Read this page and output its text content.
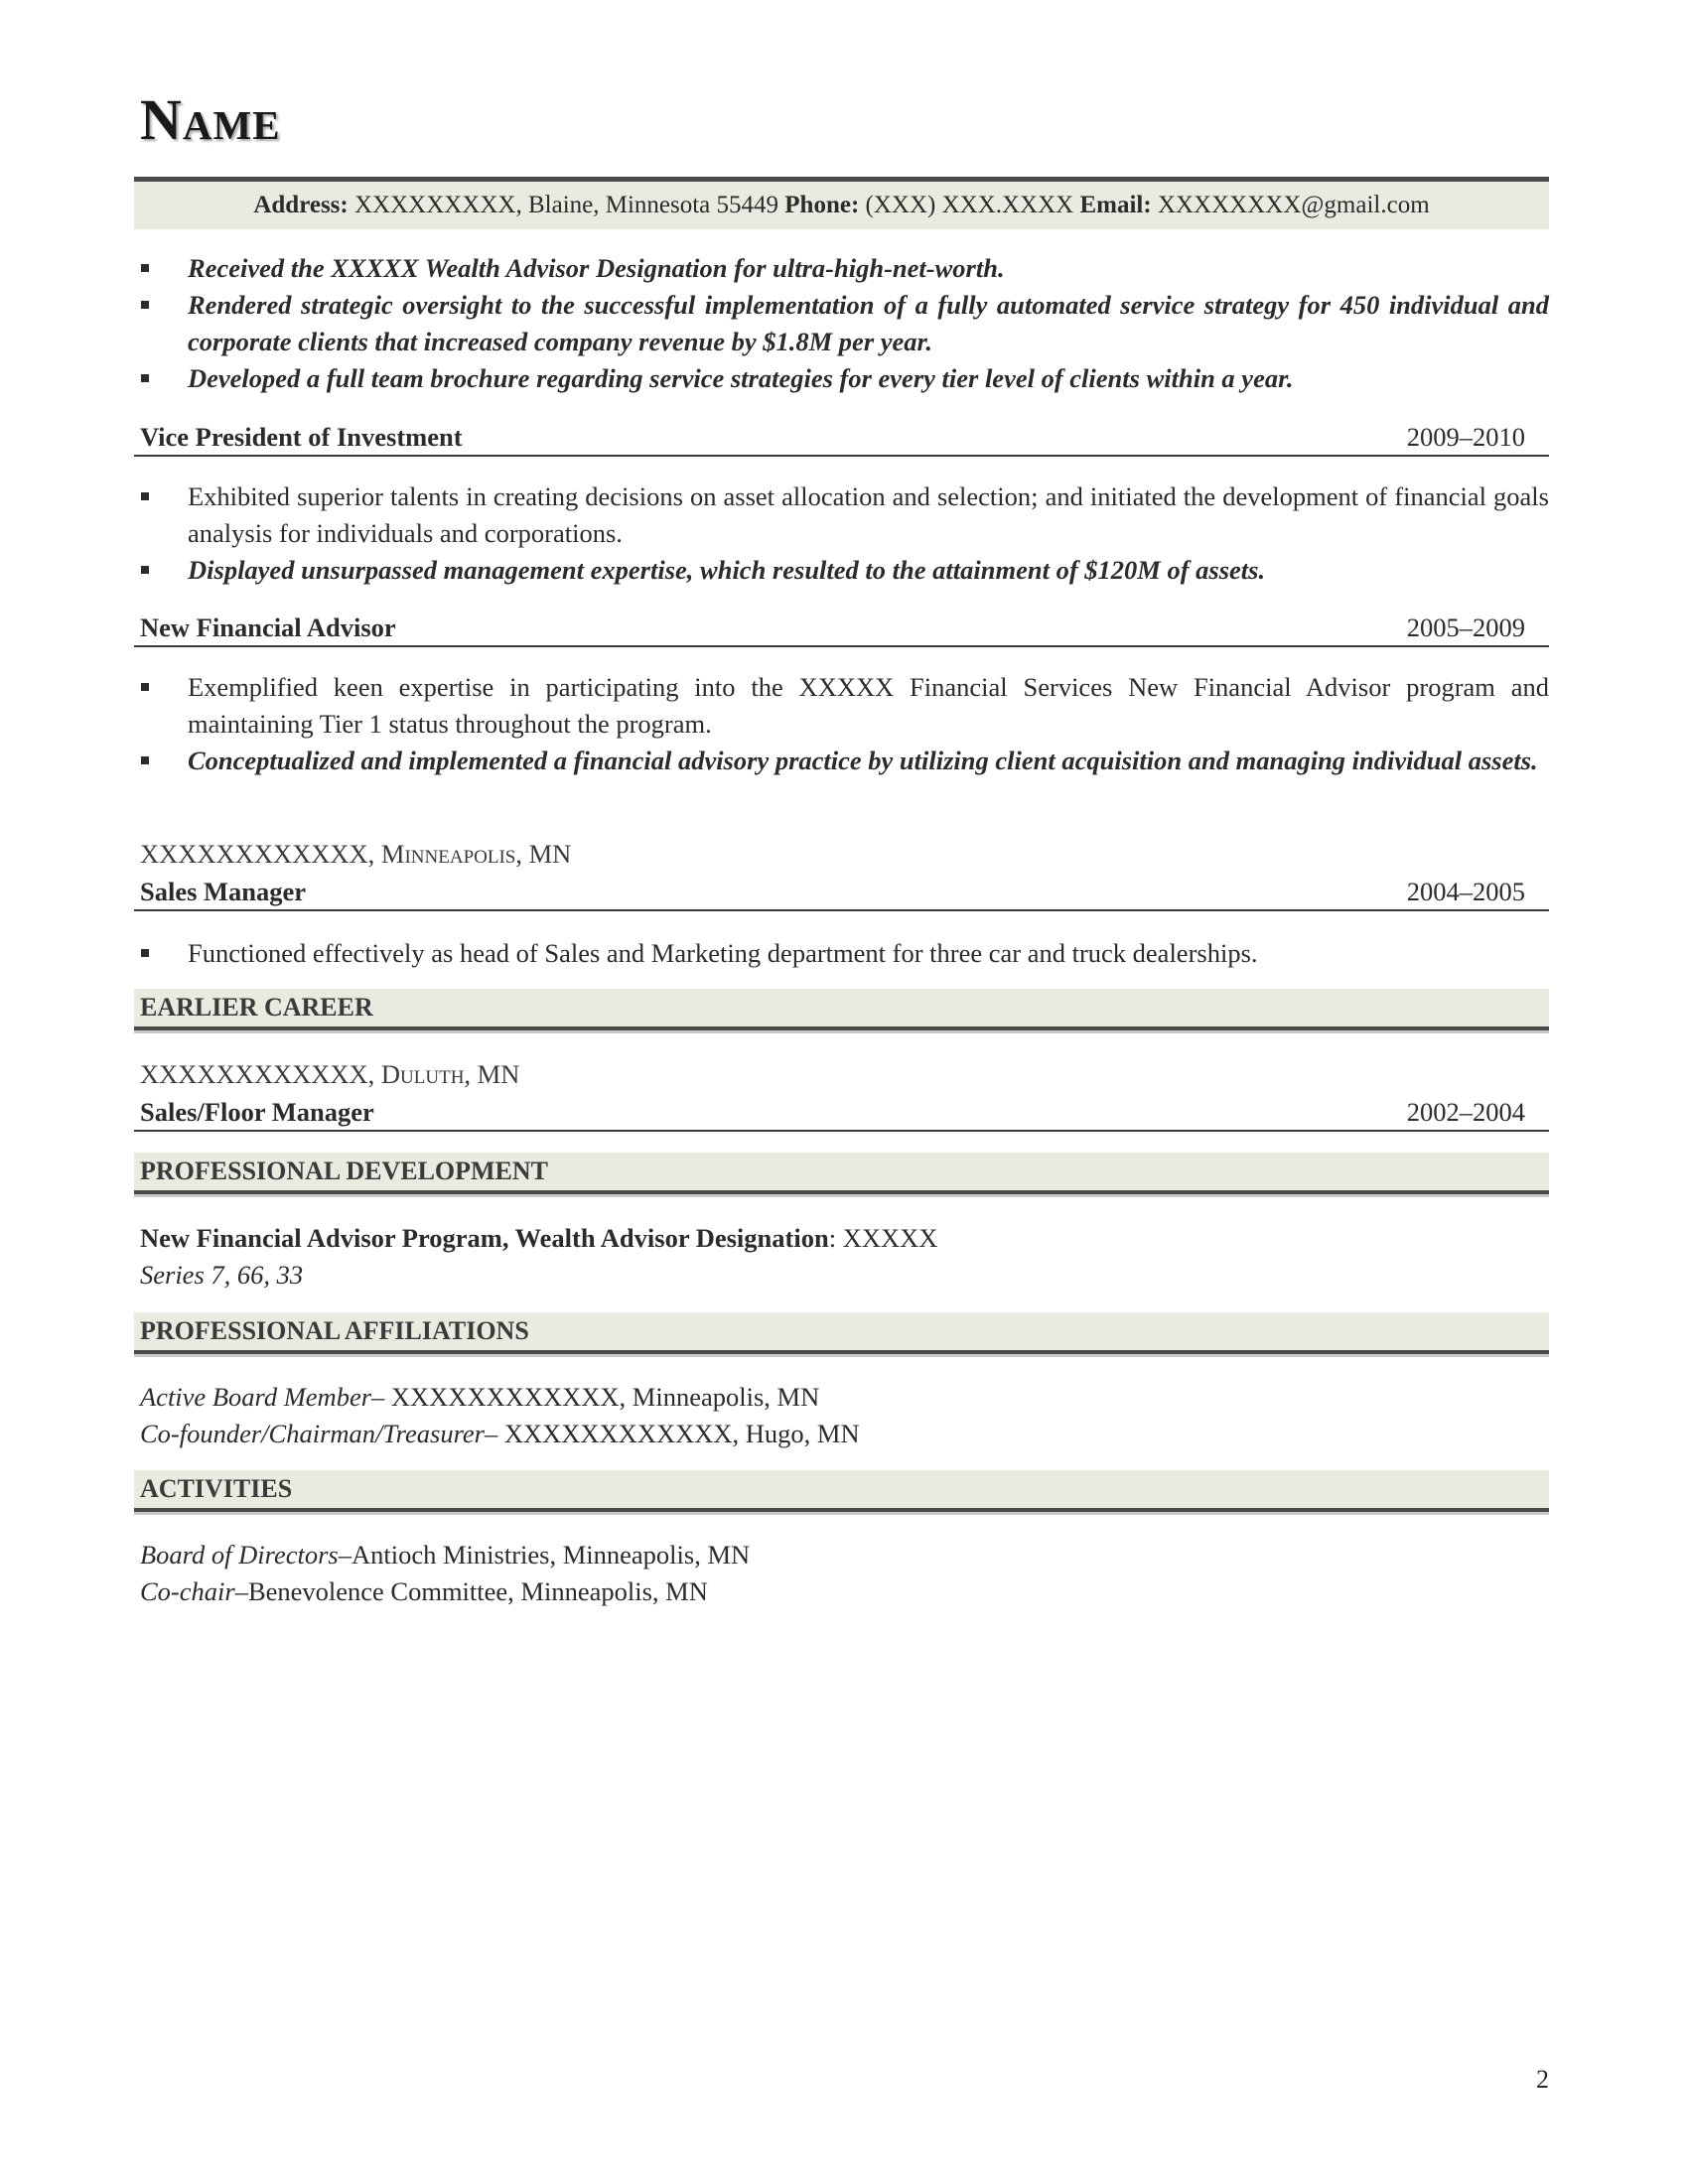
Name
Address: XXXXXXXXX, Blaine, Minnesota 55449 Phone: (XXX) XXX.XXXX Email: XXXXXXXX@gmail.com
Received the XXXXX Wealth Advisor Designation for ultra-high-net-worth.
Rendered strategic oversight to the successful implementation of a fully automated service strategy for 450 individual and corporate clients that increased company revenue by $1.8M per year.
Developed a full team brochure regarding service strategies for every tier level of clients within a year.
Vice President of Investment	2009–2010
Exhibited superior talents in creating decisions on asset allocation and selection; and initiated the development of financial goals analysis for individuals and corporations.
Displayed unsurpassed management expertise, which resulted to the attainment of $120M of assets.
New Financial Advisor	2005–2009
Exemplified keen expertise in participating into the XXXXX Financial Services New Financial Advisor program and maintaining Tier 1 status throughout the program.
Conceptualized and implemented a financial advisory practice by utilizing client acquisition and managing individual assets.
XXXXXXXXXXXX, Minneapolis, MN
Sales Manager	2004–2005
Functioned effectively as head of Sales and Marketing department for three car and truck dealerships.
EARLIER CAREER
XXXXXXXXXXXX, Duluth, MN
Sales/Floor Manager	2002–2004
PROFESSIONAL DEVELOPMENT
New Financial Advisor Program, Wealth Advisor Designation: XXXXX
Series 7, 66, 33
PROFESSIONAL AFFILIATIONS
Active Board Member– XXXXXXXXXXXX, Minneapolis, MN
Co-founder/Chairman/Treasurer– XXXXXXXXXXXX, Hugo, MN
ACTIVITIES
Board of Directors–Antioch Ministries, Minneapolis, MN
Co-chair–Benevolence Committee, Minneapolis, MN
2
